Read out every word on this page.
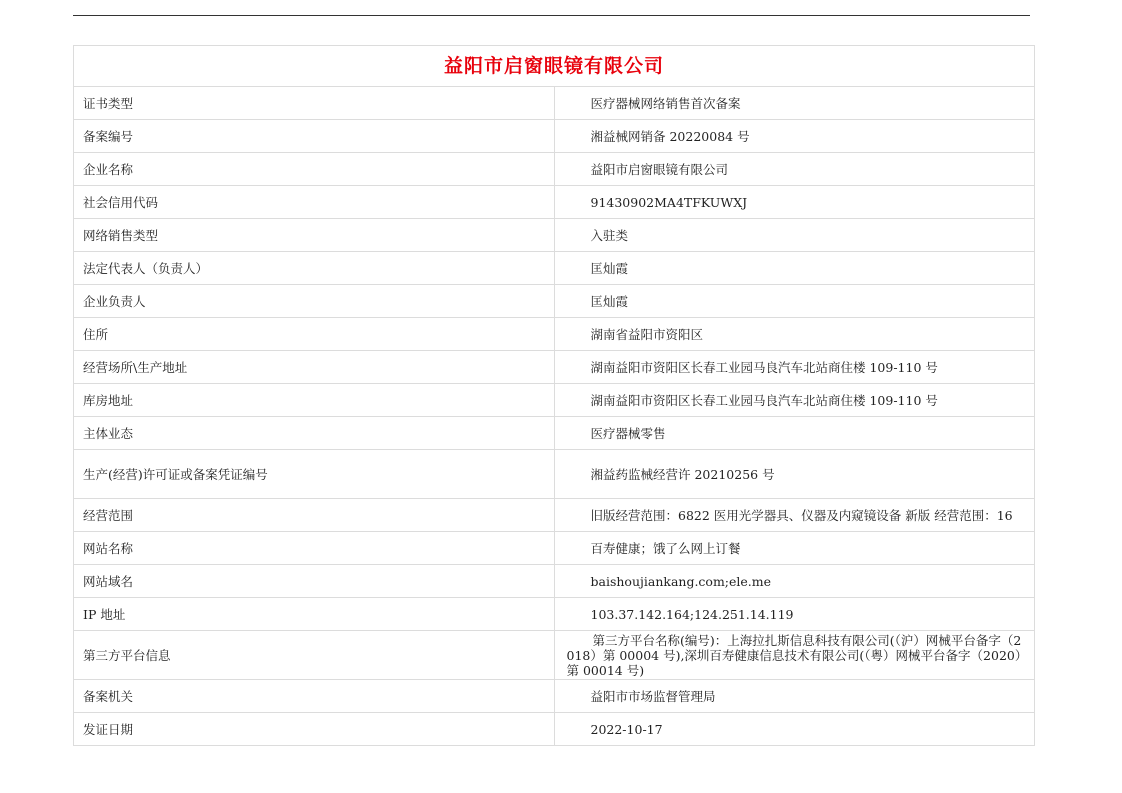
益阳市启窗眼镜有限公司	
证书类型	医疗器械网络销售首次备案
备案编号	湘益械网销备 20220084 号
企业名称	益阳市启窗眼镜有限公司
社会信用代码	91430902MA4TFKUWXJ
网络销售类型	入驻类
法定代表人（负责人）	匡灿霞
企业负责人	匡灿霞
住所	湖南省益阳市资阳区
经营场所\生产地址	湖南益阳市资阳区长春工业园马良汽车北站商住楼 109-110 号
库房地址	湖南益阳市资阳区长春工业园马良汽车北站商住楼 109-110 号
主体业态	医疗器械零售
生产(经营)许可证或备案凭证编号	湘益药监械经营许 20210256 号
经营范围	旧版经营范围：6822 医用光学器具、仪器及内窥镜设备 新版 经营范围：16
网站名称	百寿健康；饿了么网上订餐
网站域名	baishoujiankang.com;ele.me
IP 地址	103.37.142.164;124.251.14.119
第三方平台信息	第三方平台名称(编号)：上海拉扎斯信息科技有限公司(（沪）网械平台备字（2018）第 00004 号),深圳百寿健康信息技术有限公司(（粤）网械平台备字（2020）第 00014 号)
备案机关	益阳市市场监督管理局
发证日期	2022-10-17
